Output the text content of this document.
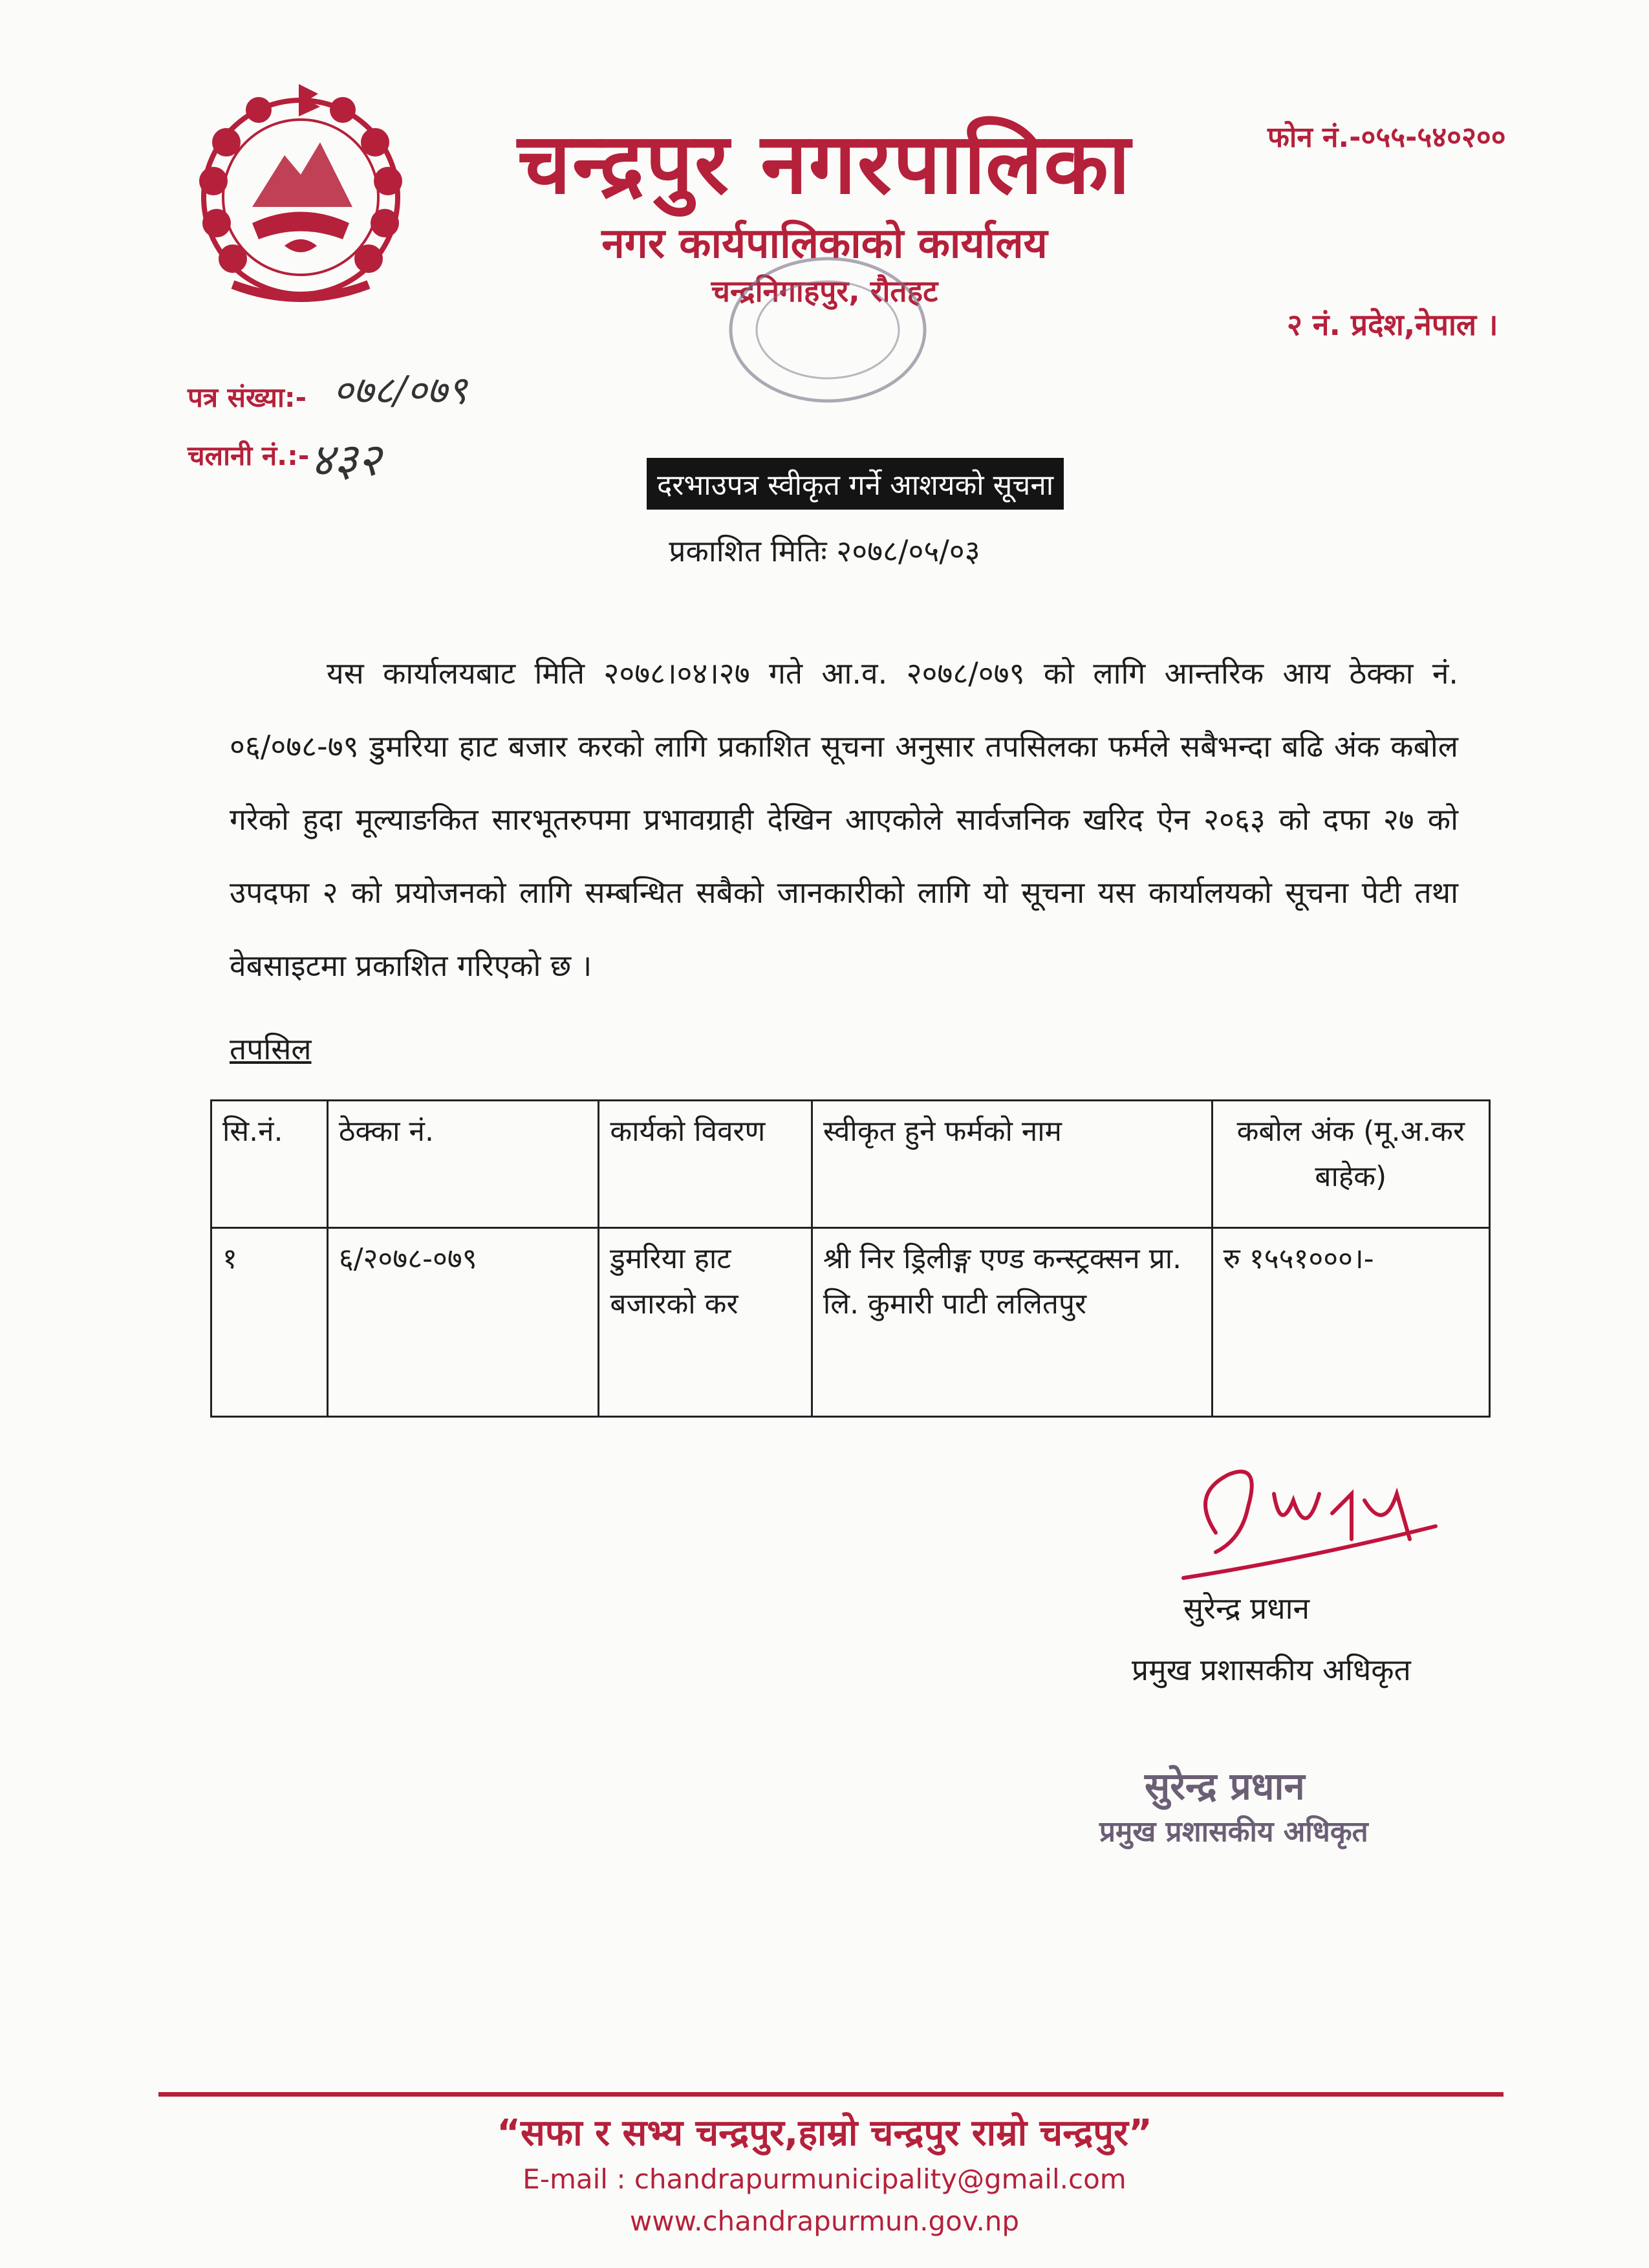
चन्द्रपुर नगरपालिका
नगर कार्यपालिकाको कार्यालय
चन्द्रनिगाहपुर, रौतहट
फोन नं.-०५५-५४०२००
२ नं. प्रदेश,नेपाल ।
पत्र संख्या:- ०७८/०७९
चलानी नं.:- ४३२	दरभाउपत्र स्वीकृत गर्ने आशयको सूचना
प्रकाशित मितिः २०७८/०५/०३

यस कार्यालयबाट मिति २०७८।०४।२७ गते आ.व. २०७८/०७९ को लागि आन्तरिक आय ठेक्का नं. ०६/०७८-७९ डुमरिया हाट बजार करको लागि प्रकाशित सूचना अनुसार तपसिलका फर्मले सबैभन्दा बढि अंक कबोल गरेको हुदा मूल्याङकित सारभूतरुपमा प्रभावग्राही देखिन आएकोले सार्वजनिक खरिद ऐन २०६३ को दफा २७ को उपदफा २ को प्रयोजनको लागि सम्बन्धित सबैको जानकारीको लागि यो सूचना यस कार्यालयको सूचना पेटी तथा वेबसाइटमा प्रकाशित गरिएको छ ।

तपसिल
सि.नं.	ठेक्का नं.	कार्यको विवरण	स्वीकृत हुने फर्मको नाम	कबोल अंक (मू.अ.कर बाहेक)
१	६/२०७८-०७९	डुमरिया हाट बजारको कर	श्री निर ड्रिलीङ्ग एण्ड कन्स्ट्रक्सन प्रा. लि. कुमारी पाटी ललितपुर	रु १५५१०००।-
सुरेन्द्र प्रधान
प्रमुख प्रशासकीय अधिकृत
सुरेन्द्र प्रधान
प्रमुख प्रशासकीय अधिकृत
“सफा र सभ्य चन्द्रपुर,हाम्रो चन्द्रपुर राम्रो चन्द्रपुर”
E-mail : chandrapurmunicipality@gmail.com
www.chandrapurmun.gov.np
